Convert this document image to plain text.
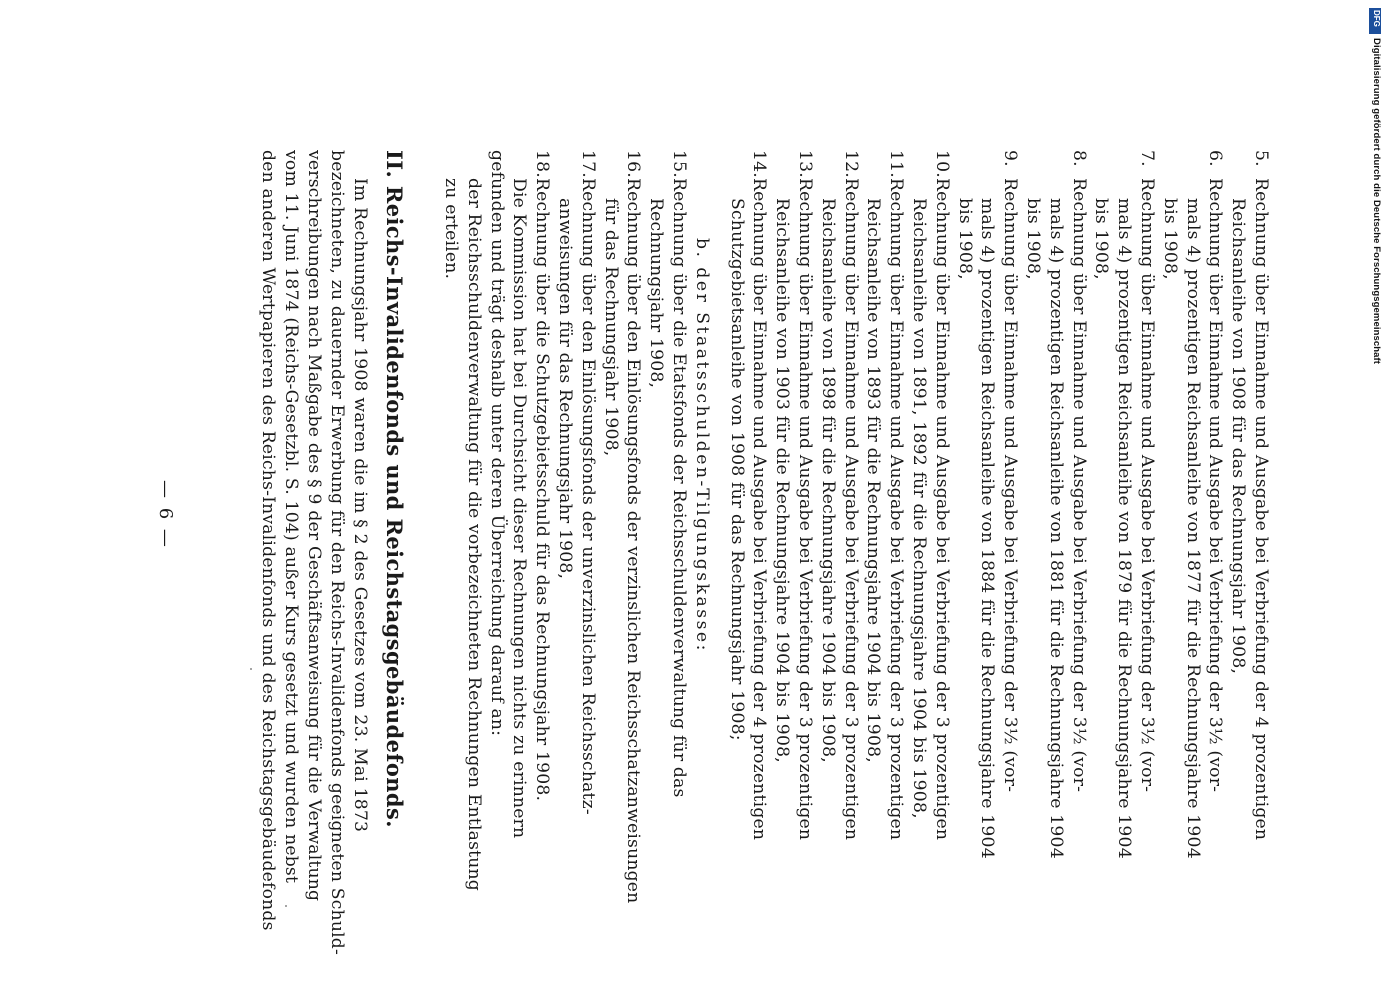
— 6 —
5.Rechnung über Einnahme und Ausgabe bei Verbriefung der 4 prozentigen
Reichsanleihe von 1908 für das Rechnungsjahr 1908,
6.Rechnung über Einnahme und Ausgabe bei Verbriefung der 3½ (vor-
mals 4) prozentigen Reichsanleihe von 1877 für die Rechnungsjahre 1904
bis 1908,
7.Rechnung über Einnahme und Ausgabe bei Verbriefung der 3½ (vor-
mals 4) prozentigen Reichsanleihe von 1879 für die Rechnungsjahre 1904
bis 1908,
8.Rechnung über Einnahme und Ausgabe bei Verbriefung der 3½ (vor-
mals 4) prozentigen Reichsanleihe von 1881 für die Rechnungsjahre 1904
bis 1908,
9.Rechnung über Einnahme und Ausgabe bei Verbriefung der 3½ (vor-
mals 4) prozentigen Reichsanleihe von 1884 für die Rechnungsjahre 1904
bis 1908,
10.Rechnung über Einnahme und Ausgabe bei Verbriefung der 3 prozentigen
Reichsanleihe von 1891, 1892 für die Rechnungsjahre 1904 bis 1908,
11.Rechnung über Einnahme und Ausgabe bei Verbriefung der 3 prozentigen
Reichsanleihe von 1893 für die Rechnungsjahre 1904 bis 1908,
12.Rechnung über Einnahme und Ausgabe bei Verbriefung der 3 prozentigen
Reichsanleihe von 1898 für die Rechnungsjahre 1904 bis 1908,
13.Rechnung über Einnahme und Ausgabe bei Verbriefung der 3 prozentigen
Reichsanleihe von 1903 für die Rechnungsjahre 1904 bis 1908,
14.Rechnung über Einnahme und Ausgabe bei Verbriefung der 4 prozentigen
Schutzgebietsanleihe von 1908 für das Rechnungsjahr 1908;
b. der Staatsschulden-Tilgungskasse:
15.Rechnung über die Etatsfonds der Reichsschuldenverwaltung für das
Rechnungsjahr 1908,
16.Rechnung über den Einlösungsfonds der verzinslichen Reichsschatzanweisungen
für das Rechnungsjahr 1908,
17.Rechnung über den Einlösungsfonds der unverzinslichen Reichsschatz-
anweisungen für das Rechnungsjahr 1908,
18.Rechnung über die Schutzgebietsschuld für das Rechnungsjahr 1908.
Die Kommission hat bei Durchsicht dieser Rechnungen nichts zu erinnern
gefunden und trägt deshalb unter deren Überreichung darauf an:
der Reichsschuldenverwaltung für die vorbezeichneten Rechnungen Entlastung
zu erteilen.
II. Reichs-Invalidenfonds und Reichstagsgebäudefonds.
Im Rechnungsjahr 1908 waren die im § 2 des Gesetzes vom 23. Mai 1873
bezeichneten, zu dauernder Erwerbung für den Reichs-Invalidenfonds geeigneten Schuld-
verschreibungen nach Maßgabe des § 9 der Geschäftsanweisung für die Verwaltung
vom 11. Juni 1874 (Reichs-Gesetzbl. S. 104) außer Kurs gesetzt und wurden nebst
den anderen Wertpapieren des Reichs-Invalidenfonds und des Reichstagsgebäudefonds
DFG
Digitalisierung gefördert durch die Deutsche Forschungsgemeinschaft
